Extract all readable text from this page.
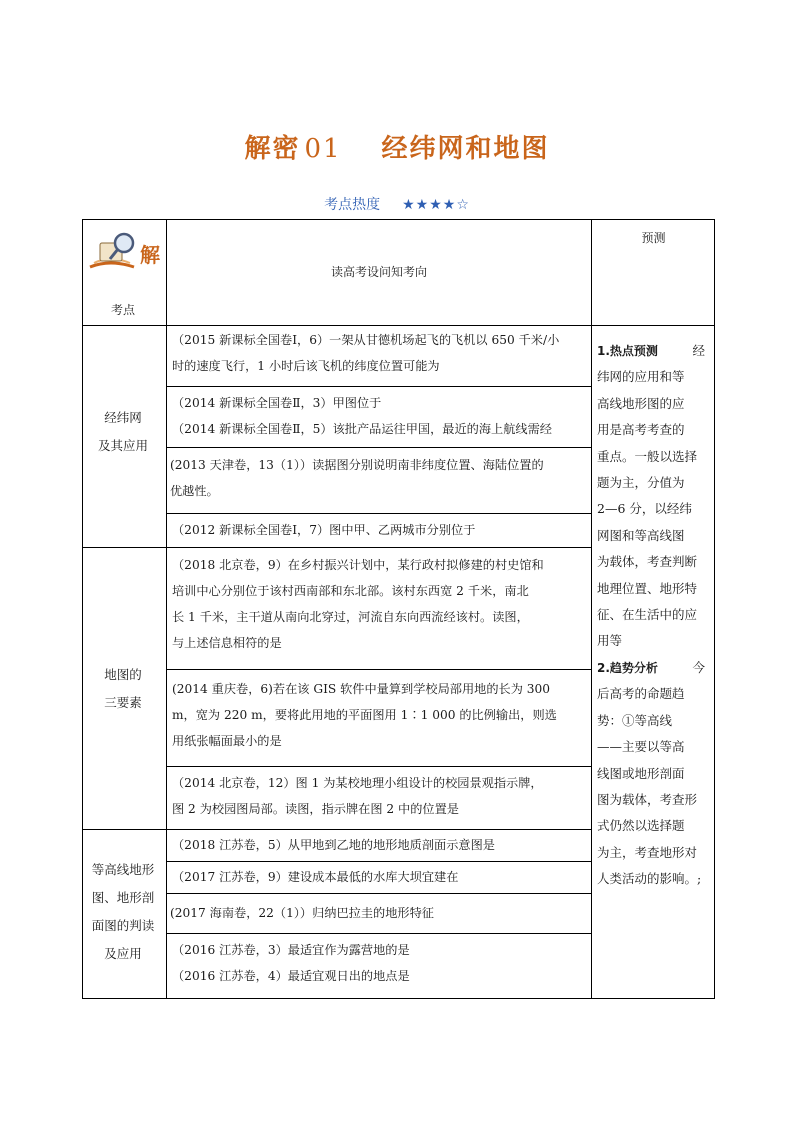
解密 01 经纬网和地图
考点热度 ★★★★☆
解
考点
读高考设问知考向
预测
经纬网
及其应用
（2015 新课标全国卷Ⅰ，6）一架从甘德机场起飞的飞机以 650 千米/小
时的速度飞行，1 小时后该飞机的纬度位置可能为
（2014 新课标全国卷Ⅱ，3）甲图位于
（2014 新课标全国卷Ⅱ，5）该批产品运往甲国，最近的海上航线需经
(2013 天津卷，13（1））读据图分别说明南非纬度位置、海陆位置的
优越性。
（2012 新课标全国卷Ⅰ，7）图中甲、乙两城市分别位于
地图的
三要素
（2018 北京卷，9）在乡村振兴计划中，某行政村拟修建的村史馆和
培训中心分别位于该村西南部和东北部。该村东西宽 2 千米，南北
长 1 千米，主干道从南向北穿过，河流自东向西流经该村。读图，
与上述信息相符的是
(2014 重庆卷，6)若在该 GIS 软件中量算到学校局部用地的长为 300
m，宽为 220 m，要将此用地的平面图用 1∶1 000 的比例输出，则选
用纸张幅面最小的是
（2014 北京卷，12）图 1 为某校地理小组设计的校园景观指示牌，
图 2 为校园图局部。读图，指示牌在图 2 中的位置是
等高线地形
图、地形剖
面图的判读
及应用
（2018 江苏卷，5）从甲地到乙地的地形地质剖面示意图是
（2017 江苏卷，9）建设成本最低的水库大坝宜建在
(2017 海南卷，22（1））归纳巴拉圭的地形特征
（2016 江苏卷，3）最适宜作为露营地的是
（2016 江苏卷，4）最适宜观日出的地点是
1.热点预测	经
纬网的应用和等
高线地形图的应
用是高考考查的
重点。一般以选择
题为主，分值为
2—6 分，以经纬
网图和等高线图
为载体，考查判断
地理位置、地形特
征、在生活中的应
用等
2.趋势分析	今
后高考的命题趋
势：①等高线
——主要以等高
线图或地形剖面
图为载体，考查形
式仍然以选择题
为主，考查地形对
人类活动的影响。;
